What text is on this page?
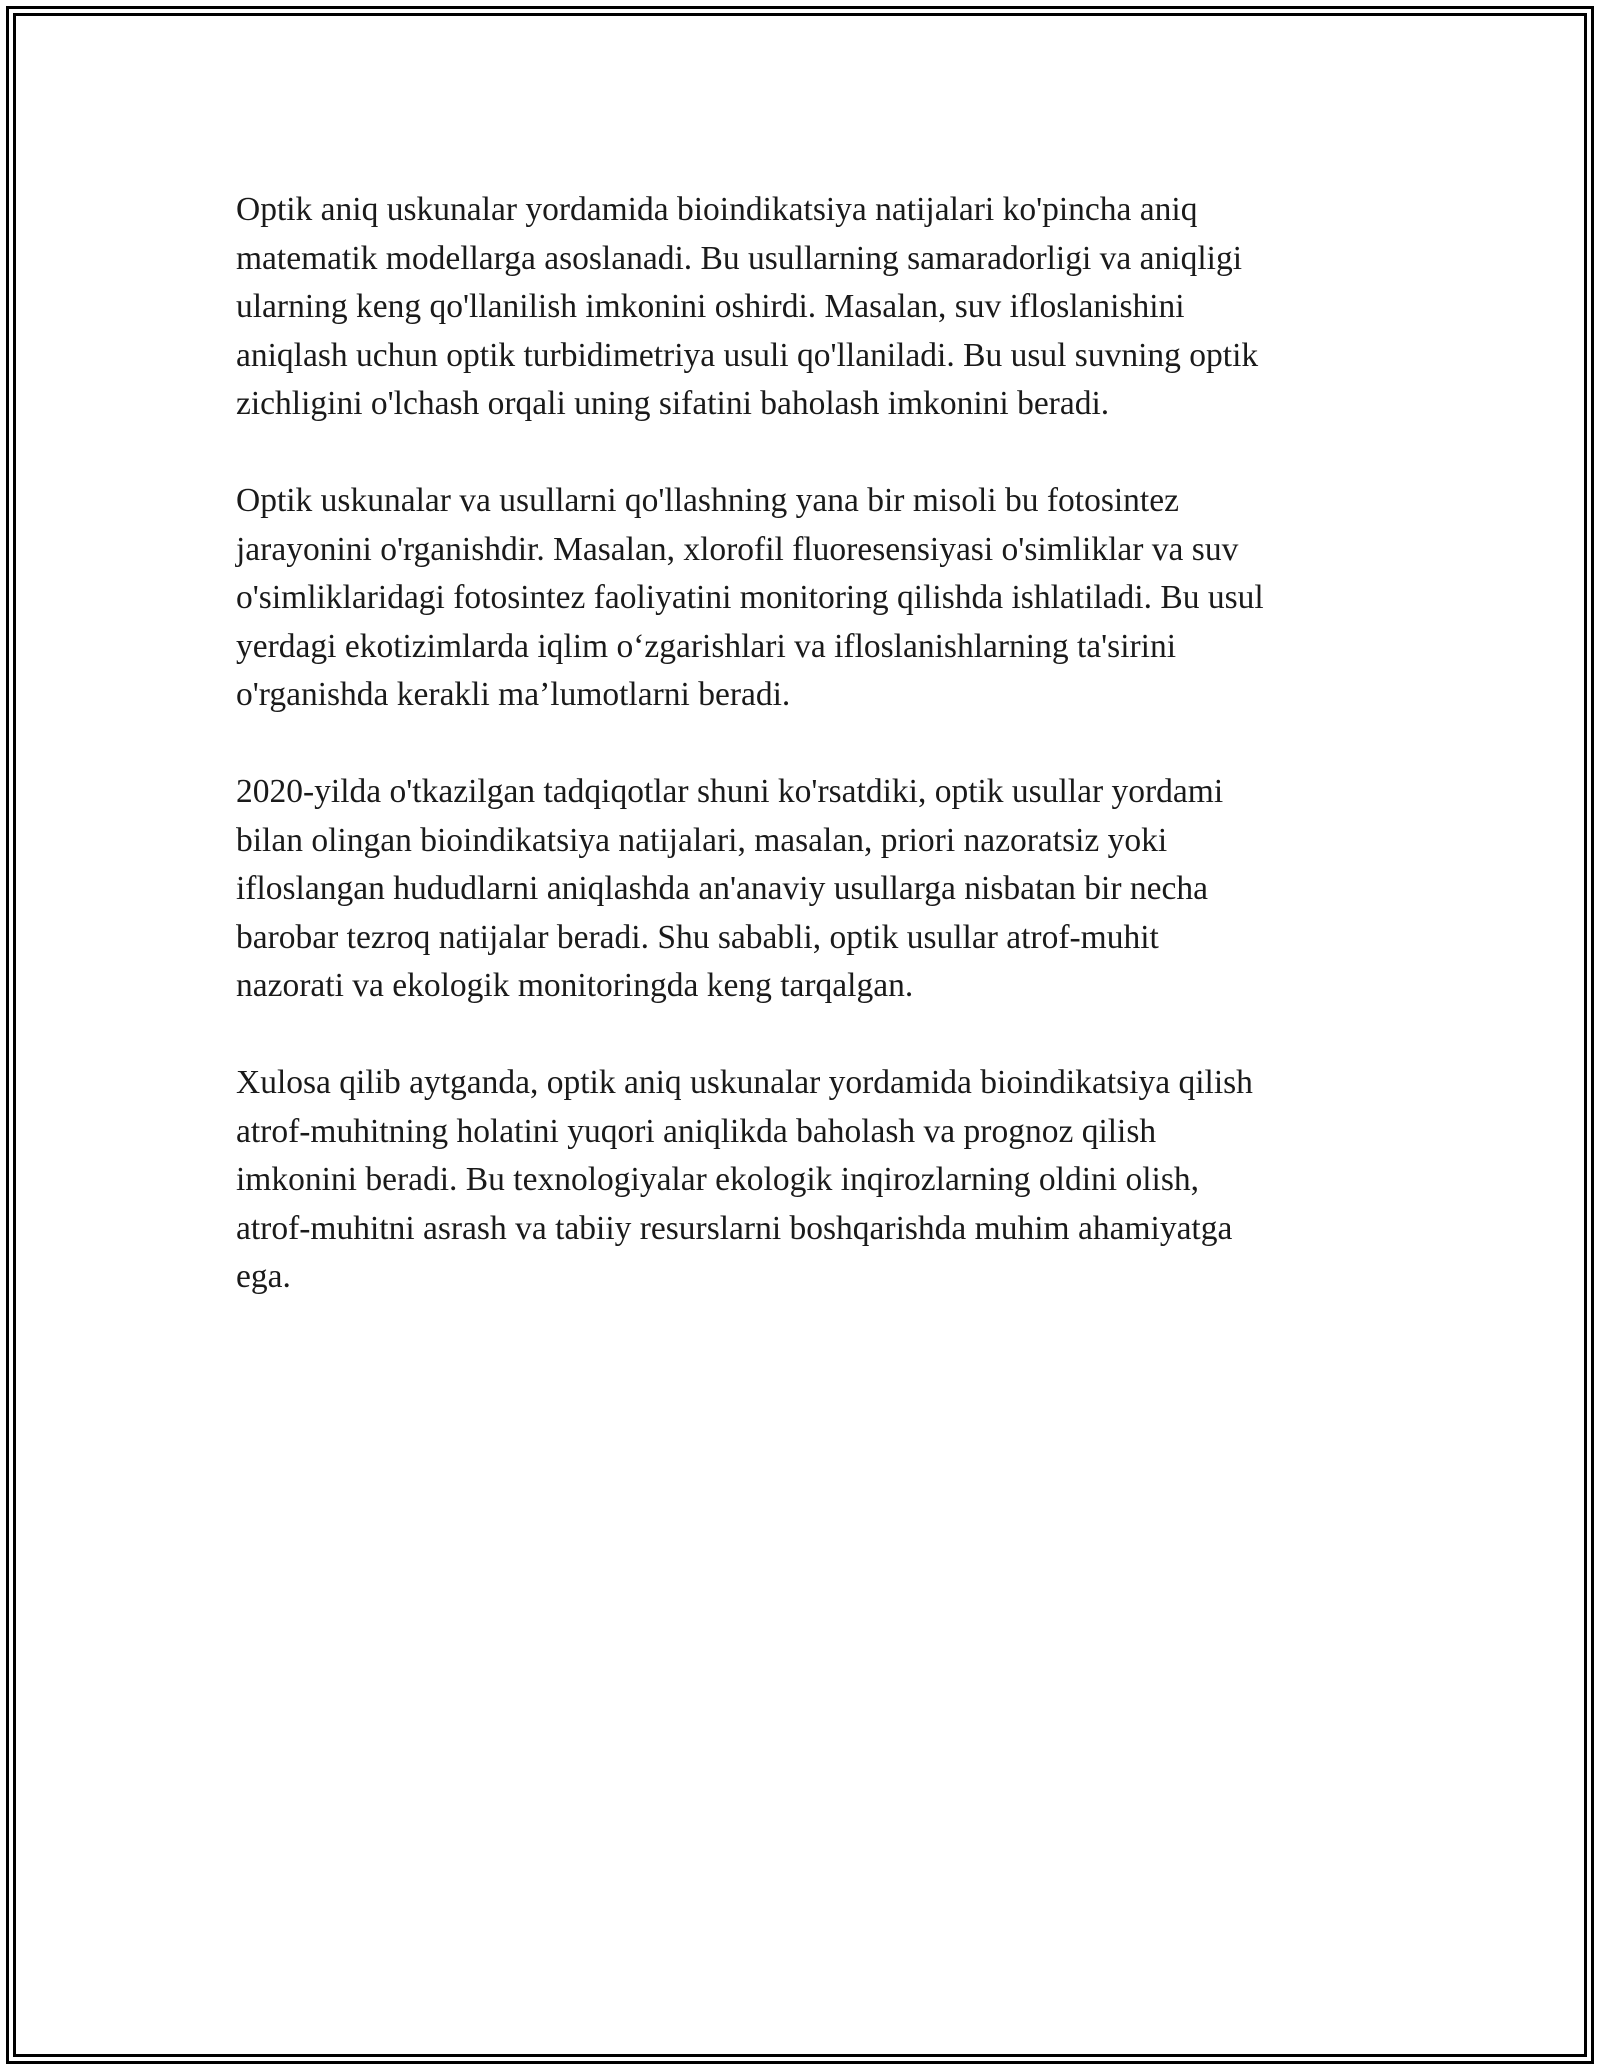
Optik aniq uskunalar yordamida bioindikatsiya natijalari ko'pincha aniq
matematik modellarga asoslanadi. Bu usullarning samaradorligi va aniqligi
ularning keng qo'llanilish imkonini oshirdi. Masalan, suv ifloslanishini
aniqlash uchun optik turbidimetriya usuli qo'llaniladi. Bu usul suvning optik
zichligini o'lchash orqali uning sifatini baholash imkonini beradi.

Optik uskunalar va usullarni qo'llashning yana bir misoli bu fotosintez
jarayonini o'rganishdir. Masalan, xlorofil fluoresensiyasi o'simliklar va suv
o'simliklaridagi fotosintez faoliyatini monitoring qilishda ishlatiladi. Bu usul
yerdagi ekotizimlarda iqlim o‘zgarishlari va ifloslanishlarning ta'sirini
o'rganishda kerakli ma’lumotlarni beradi.

2020-yilda o'tkazilgan tadqiqotlar shuni ko'rsatdiki, optik usullar yordami
bilan olingan bioindikatsiya natijalari, masalan, priori nazoratsiz yoki
ifloslangan hududlarni aniqlashda an'anaviy usullarga nisbatan bir necha
barobar tezroq natijalar beradi. Shu sababli, optik usullar atrof-muhit
nazorati va ekologik monitoringda keng tarqalgan.

Xulosa qilib aytganda, optik aniq uskunalar yordamida bioindikatsiya qilish
atrof-muhitning holatini yuqori aniqlikda baholash va prognoz qilish
imkonini beradi. Bu texnologiyalar ekologik inqirozlarning oldini olish,
atrof-muhitni asrash va tabiiy resurslarni boshqarishda muhim ahamiyatga
ega.
